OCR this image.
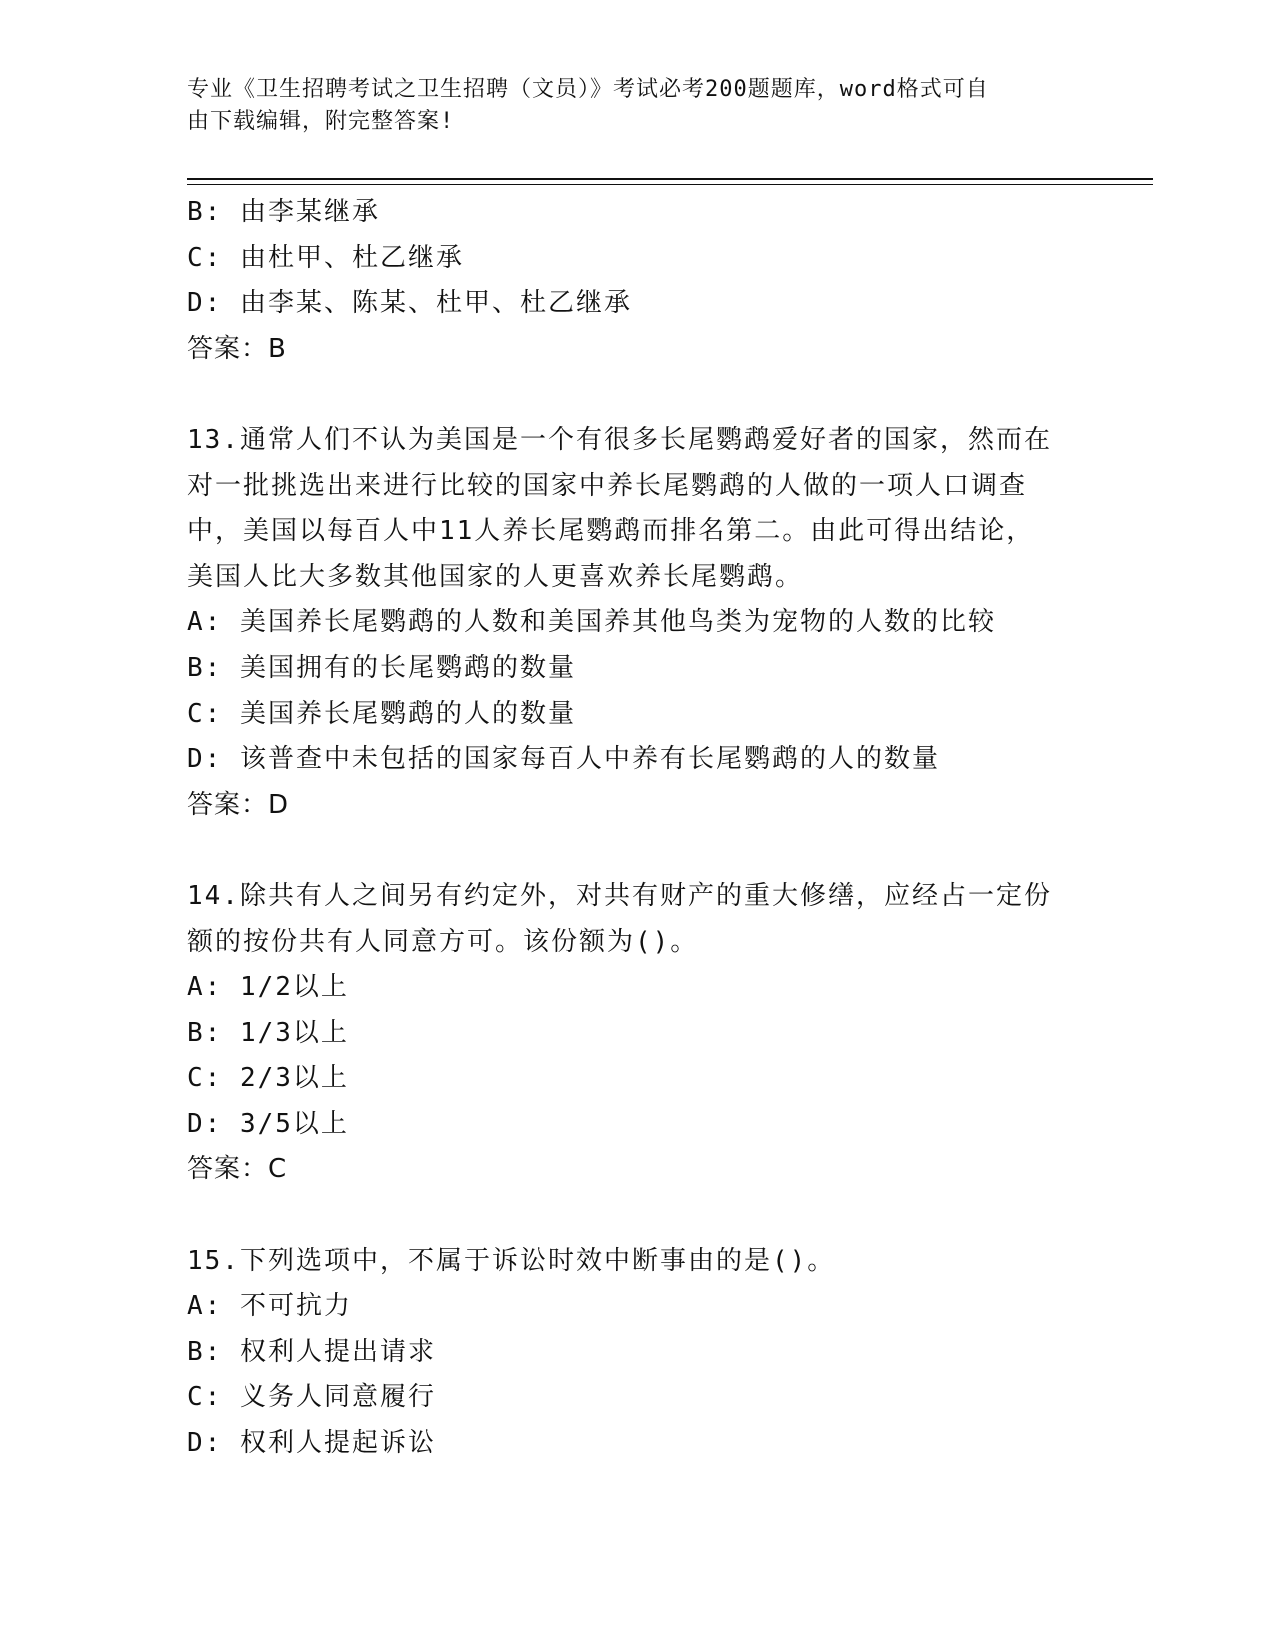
专业《卫生招聘考试之卫生招聘（文员）》考试必考200题题库，word格式可自
由下载编辑，附完整答案!
B: 由李某继承
C: 由杜甲、杜乙继承
D: 由李某、陈某、杜甲、杜乙继承
答案：B
13.通常人们不认为美国是一个有很多长尾鹦鹉爱好者的国家，然而在
对一批挑选出来进行比较的国家中养长尾鹦鹉的人做的一项人口调查
中，美国以每百人中11人养长尾鹦鹉而排名第二。由此可得出结论，
美国人比大多数其他国家的人更喜欢养长尾鹦鹉。
A: 美国养长尾鹦鹉的人数和美国养其他鸟类为宠物的人数的比较
B: 美国拥有的长尾鹦鹉的数量
C: 美国养长尾鹦鹉的人的数量
D: 该普查中未包括的国家每百人中养有长尾鹦鹉的人的数量
答案：D
14.除共有人之间另有约定外，对共有财产的重大修缮，应经占一定份
额的按份共有人同意方可。该份额为()。
A: 1/2以上
B: 1/3以上
C: 2/3以上
D: 3/5以上
答案：C
15.下列选项中，不属于诉讼时效中断事由的是()。
A: 不可抗力
B: 权利人提出请求
C: 义务人同意履行
D: 权利人提起诉讼
